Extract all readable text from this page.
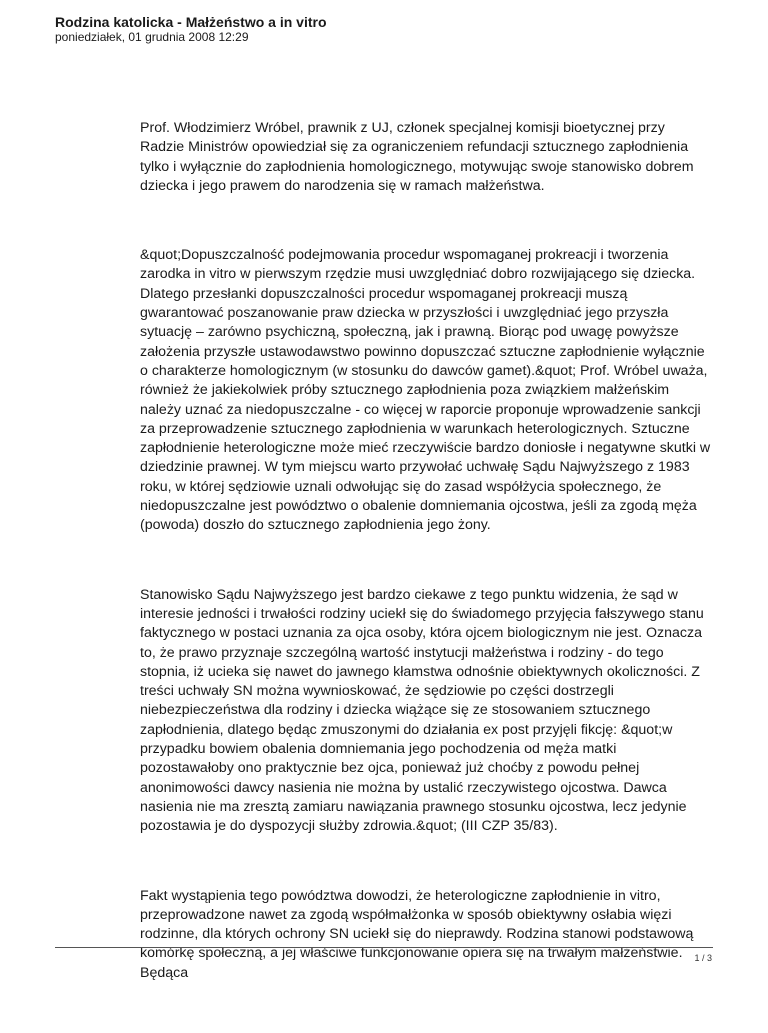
Rodzina katolicka - Małżeństwo a in vitro

poniedziałek, 01 grudnia 2008 12:29

Prof. Włodzimierz Wróbel, prawnik z UJ, członek specjalnej komisji bioetycznej przy Radzie Ministrów opowiedział się za ograniczeniem refundacji sztucznego zapłodnienia tylko i wyłącznie do zapłodnienia homologicznego, motywując swoje stanowisko dobrem dziecka i jego prawem do narodzenia się w ramach małżeństwa.

&quot;Dopuszczalność podejmowania procedur wspomaganej prokreacji i tworzenia zarodka in vitro w pierwszym rzędzie musi uwzględniać dobro rozwijającego się dziecka. Dlatego przesłanki dopuszczalności procedur wspomaganej prokreacji muszą gwarantować poszanowanie praw dziecka w przyszłości i uwzględniać jego przyszła sytuację – zarówno psychiczną, społeczną, jak i prawną. Biorąc pod uwagę powyższe założenia przyszłe ustawodawstwo powinno dopuszczać sztuczne zapłodnienie wyłącznie o charakterze homologicznym (w stosunku do dawców gamet).&quot; Prof. Wróbel uważa, również że jakiekolwiek próby sztucznego zapłodnienia poza związkiem małżeńskim należy uznać za niedopuszczalne - co więcej w raporcie proponuje wprowadzenie sankcji za przeprowadzenie sztucznego zapłodnienia w warunkach heterologicznych. Sztuczne zapłodnienie heterologiczne może mieć rzeczywiście bardzo doniosłe i negatywne skutki w dziedzinie prawnej. W tym miejscu warto przywołać uchwałę Sądu Najwyższego z 1983 roku, w której sędziowie uznali odwołując się do zasad współżycia społecznego, że niedopuszczalne jest powództwo o obalenie domniemania ojcostwa, jeśli za zgodą męża (powoda) doszło do sztucznego zapłodnienia jego żony.

Stanowisko Sądu Najwyższego jest bardzo ciekawe z tego punktu widzenia, że sąd w interesie jedności i trwałości rodziny uciekł się do świadomego przyjęcia fałszywego stanu faktycznego w postaci uznania za ojca osoby, która ojcem biologicznym nie jest. Oznacza to, że prawo przyznaje szczególną wartość instytucji małżeństwa i rodziny - do tego stopnia, iż ucieka się nawet do jawnego kłamstwa odnośnie obiektywnych okoliczności. Z treści uchwały SN można wywnioskować, że sędziowie po części dostrzegli niebezpieczeństwa dla rodziny i dziecka wiążące się ze stosowaniem sztucznego zapłodnienia, dlatego będąc zmuszonymi do działania ex post przyjęli fikcję: &quot;w przypadku bowiem obalenia domniemania jego pochodzenia od męża matki pozostawałoby ono praktycznie bez ojca, ponieważ już choćby z powodu pełnej anonimowości dawcy nasienia nie można by ustalić rzeczywistego ojcostwa. Dawca nasienia nie ma zresztą zamiaru nawiązania prawnego stosunku ojcostwa, lecz jedynie pozostawia je do dyspozycji służby zdrowia.&quot; (III CZP 35/83).

Fakt wystąpienia tego powództwa dowodzi, że heterologiczne zapłodnienie in vitro, przeprowadzone nawet za zgodą współmałżonka w sposób obiektywny osłabia więzi rodzinne, dla których ochrony SN uciekł się do nieprawdy. Rodzina stanowi podstawową komórkę społeczną, a jej właściwe funkcjonowanie opiera się na trwałym małżeństwie. Będąca

1 / 3
